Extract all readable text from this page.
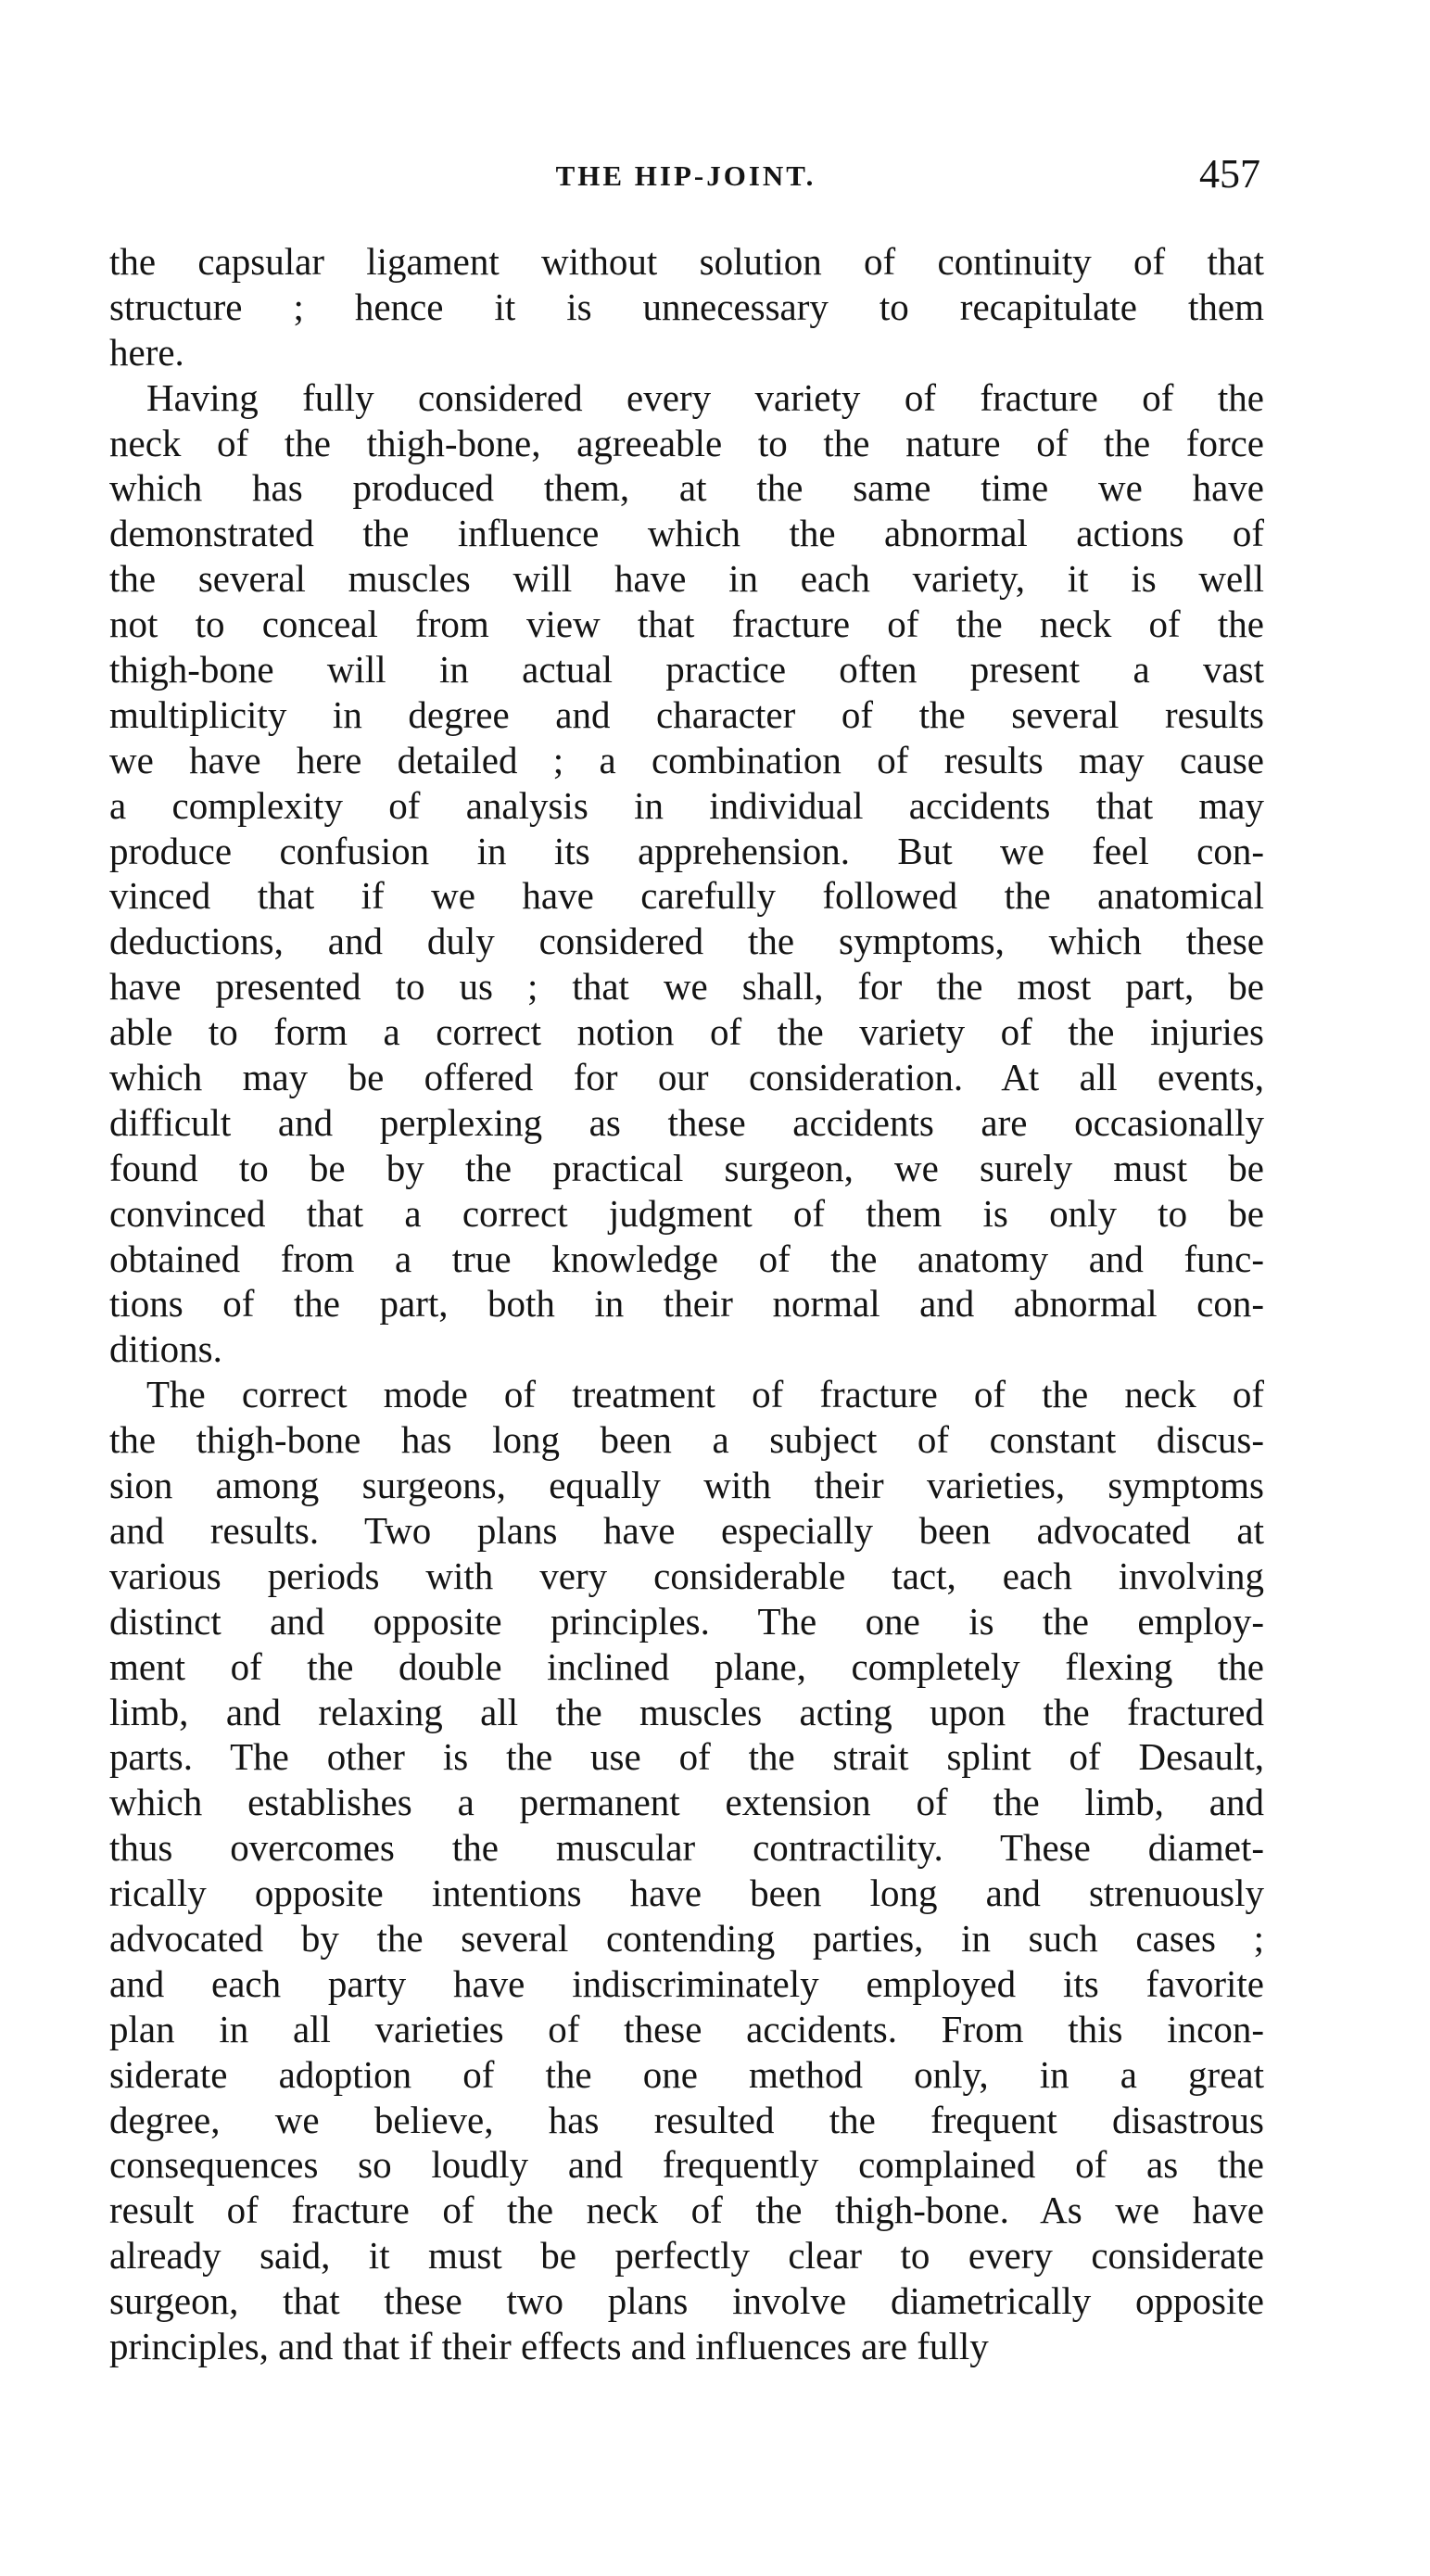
THE HIP-JOINT.	457
the capsular ligament without solution of continuity of that
structure ; hence it is unnecessary to recapitulate them
here.
Having fully considered every variety of fracture of the
neck of the thigh-bone, agreeable to the nature of the force
which has produced them, at the same time we have
demonstrated the influence which the abnormal actions of
the several muscles will have in each variety, it is well
not to conceal from view that fracture of the neck of the
thigh-bone will in actual practice often present a vast
multiplicity in degree and character of the several results
we have here detailed ; a combination of results may cause
a complexity of analysis in individual accidents that may
produce confusion in its apprehension. But we feel con-
vinced that if we have carefully followed the anatomical
deductions, and duly considered the symptoms, which these
have presented to us ; that we shall, for the most part, be
able to form a correct notion of the variety of the injuries
which may be offered for our consideration. At all events,
difficult and perplexing as these accidents are occasionally
found to be by the practical surgeon, we surely must be
convinced that a correct judgment of them is only to be
obtained from a true knowledge of the anatomy and func-
tions of the part, both in their normal and abnormal con-
ditions.
The correct mode of treatment of fracture of the neck of
the thigh-bone has long been a subject of constant discus-
sion among surgeons, equally with their varieties, symptoms
and results. Two plans have especially been advocated at
various periods with very considerable tact, each involving
distinct and opposite principles. The one is the employ-
ment of the double inclined plane, completely flexing the
limb, and relaxing all the muscles acting upon the fractured
parts. The other is the use of the strait splint of Desault,
which establishes a permanent extension of the limb, and
thus overcomes the muscular contractility. These diamet-
rically opposite intentions have been long and strenuously
advocated by the several contending parties, in such cases ;
and each party have indiscriminately employed its favorite
plan in all varieties of these accidents. From this incon-
siderate adoption of the one method only, in a great
degree, we believe, has resulted the frequent disastrous
consequences so loudly and frequently complained of as the
result of fracture of the neck of the thigh-bone. As we have
already said, it must be perfectly clear to every considerate
surgeon, that these two plans involve diametrically opposite
principles, and that if their effects and influences are fully
